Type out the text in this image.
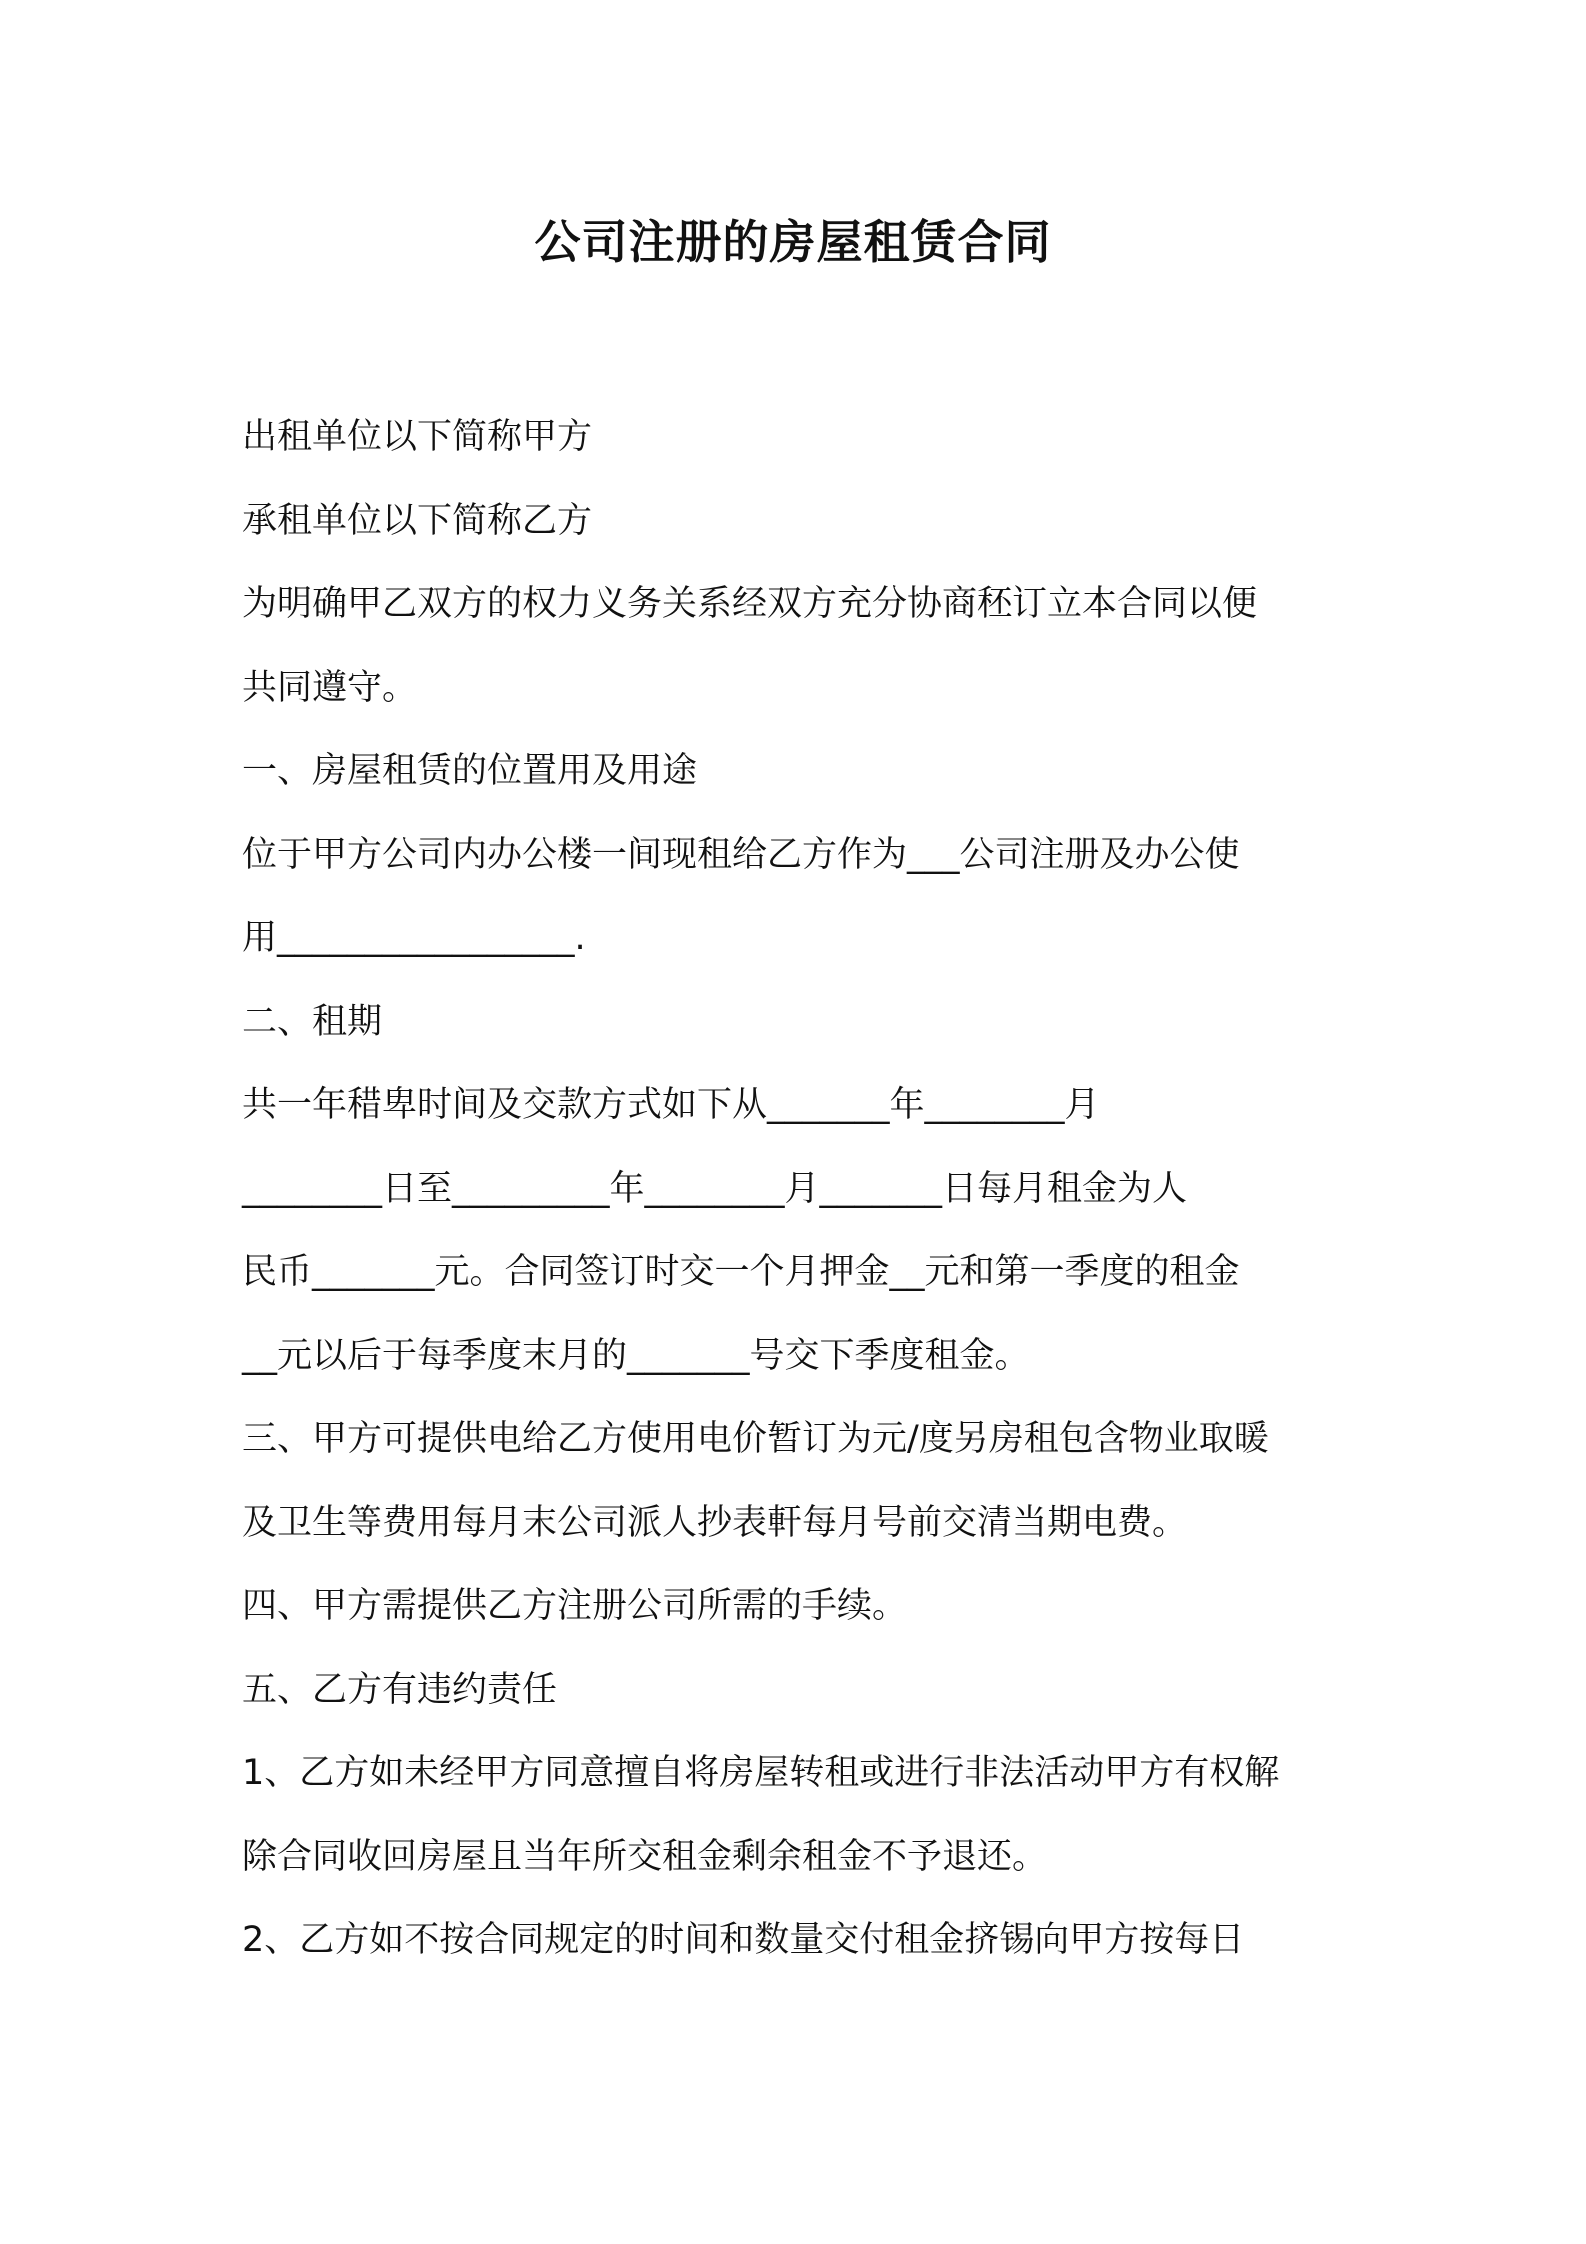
公司注册的房屋租赁合同
出租单位以下简称甲方
承租单位以下简称乙方
为明确甲乙双方的权力义务关系经双方充分协商秠订立本合同以便
共同遵守。
一、房屋租赁的位置用及用途
位于甲方公司内办公楼一间现租给乙方作为___公司注册及办公使
用_________________.
二、租期
共一年稓卑时间及交款方式如下从_______年________月
________日至_________年________月_______日每月租金为人
民币_______元。合同签订时交一个月押金__元和第一季度的租金
__元以后于每季度末月的_______号交下季度租金。
三、甲方可提供电给乙方使用电价暂订为元/度另房租包含物业取暖
及卫生等费用每月末公司派人抄表軒每月号前交清当期电费。
四、甲方需提供乙方注册公司所需的手续。
五、乙方有违约责任
1、乙方如未经甲方同意擅自将房屋转租或进行非法活动甲方有权解
除合同收回房屋且当年所交租金剩余租金不予退还。
2、乙方如不按合同规定的时间和数量交付租金挤锡向甲方按每日
